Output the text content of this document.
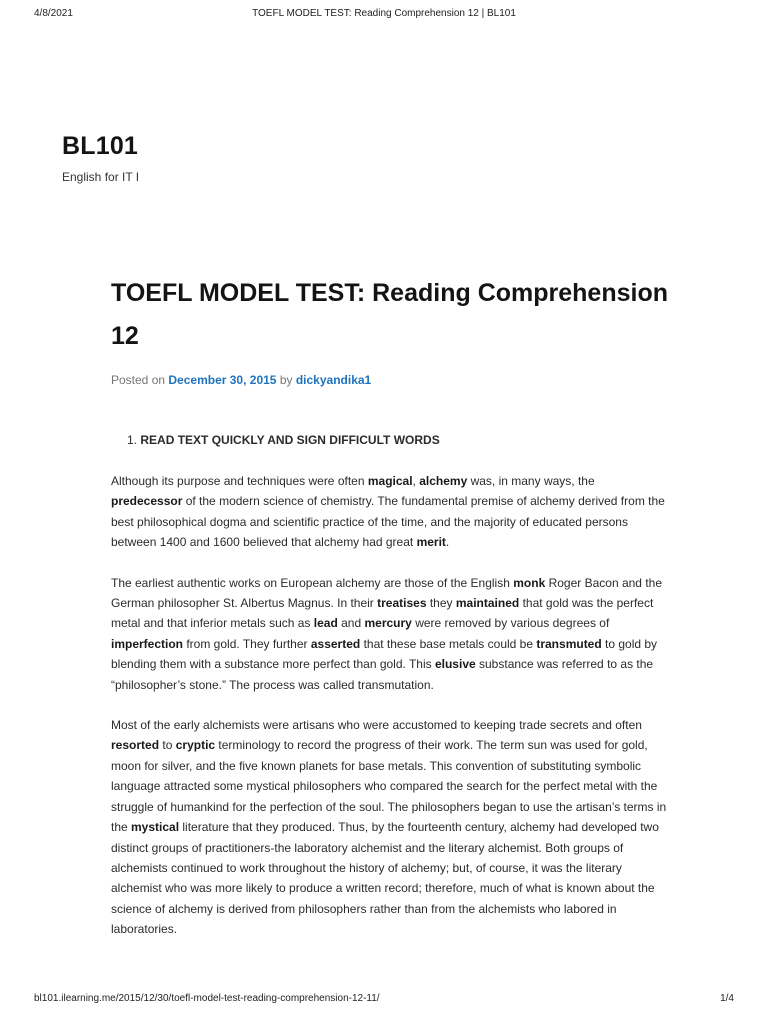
4/8/2021	TOEFL MODEL TEST: Reading Comprehension 12 | BL101
BL101
English for IT I
TOEFL MODEL TEST: Reading Comprehension 12
Posted on December 30, 2015 by dickyandika1
1. READ TEXT QUICKLY AND SIGN DIFFICULT WORDS

Although its purpose and techniques were often magical, alchemy was, in many ways, the predecessor of the modern science of chemistry. The fundamental premise of alchemy derived from the best philosophical dogma and scientific practice of the time, and the majority of educated persons between 1400 and 1600 believed that alchemy had great merit.

The earliest authentic works on European alchemy are those of the English monk Roger Bacon and the German philosopher St. Albertus Magnus. In their treatises they maintained that gold was the perfect metal and that inferior metals such as lead and mercury were removed by various degrees of imperfection from gold. They further asserted that these base metals could be transmuted to gold by blending them with a substance more perfect than gold. This elusive substance was referred to as the “philosopher’s stone.” The process was called transmutation.

Most of the early alchemists were artisans who were accustomed to keeping trade secrets and often resorted to cryptic terminology to record the progress of their work. The term sun was used for gold, moon for silver, and the five known planets for base metals. This convention of substituting symbolic language attracted some mystical philosophers who compared the search for the perfect metal with the struggle of humankind for the perfection of the soul. The philosophers began to use the artisan’s terms in the mystical literature that they produced. Thus, by the fourteenth century, alchemy had developed two distinct groups of practitioners-the laboratory alchemist and the literary alchemist. Both groups of alchemists continued to work throughout the history of alchemy; but, of course, it was the literary alchemist who was more likely to produce a written record; therefore, much of what is known about the science of alchemy is derived from philosophers rather than from the alchemists who labored in laboratories.

bl101.ilearning.me/2015/12/30/toefl-model-test-reading-comprehension-12-11/	1/4
